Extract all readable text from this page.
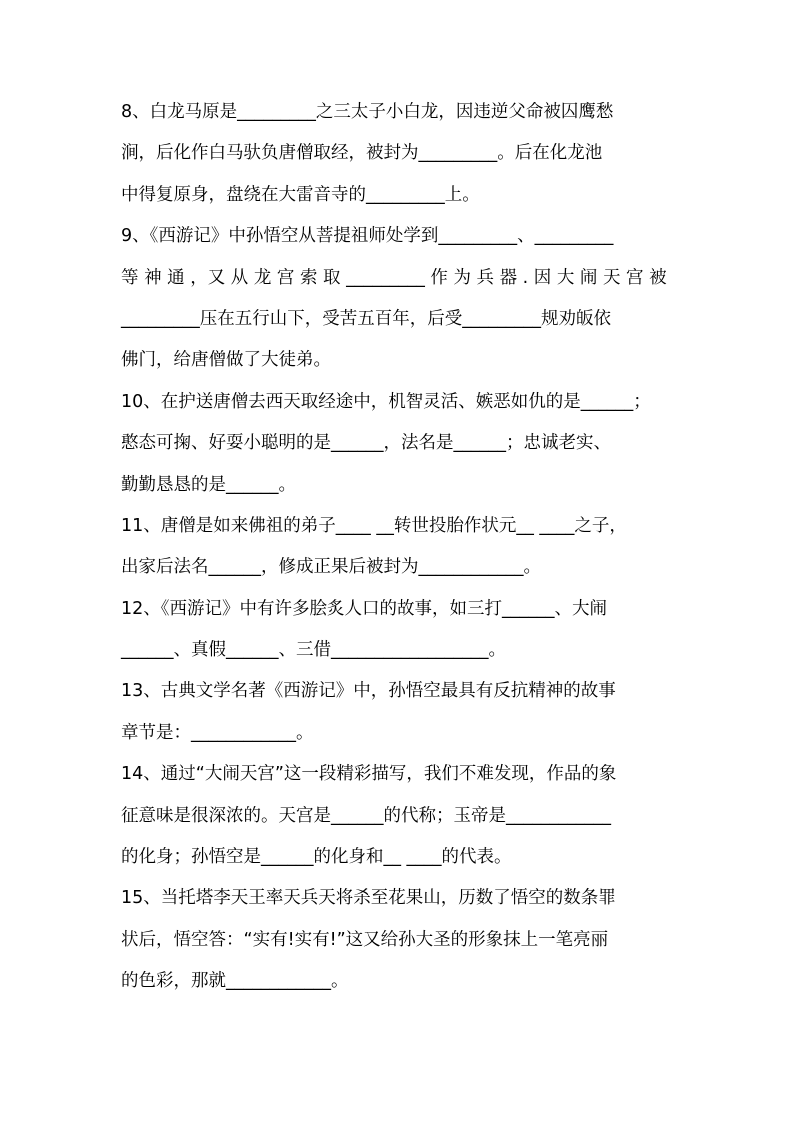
8、白龙马原是_________之三太子小白龙，因违逆父命被囚鹰愁
涧，后化作白马驮负唐僧取经，被封为_________。后在化龙池
中得复原身，盘绕在大雷音寺的_________上。
9、《西游记》中孙悟空从菩提祖师处学到_________、_________
等 神 通 ，又 从 龙 宫 索 取 _________ 作 为 兵 器 . 因 大 闹 天 宫 被
_________压在五行山下，受苦五百年，后受_________规劝皈依
佛门，给唐僧做了大徒弟。
10、在护送唐僧去西天取经途中，机智灵活、嫉恶如仇的是______；
憨态可掬、好耍小聪明的是______，法名是______；忠诚老实、
勤勤恳恳的是______。
11、唐僧是如来佛祖的弟子____ __转世投胎作状元__ ____之子，
出家后法名______，修成正果后被封为____________。
12、《西游记》中有许多脍炙人口的故事，如三打______、大闹
______、真假______、三借__________________。
13、古典文学名著《西游记》中，孙悟空最具有反抗精神的故事
章节是：____________。
14、通过“大闹天宫”这一段精彩描写，我们不难发现，作品的象
征意味是很深浓的。天宫是______的代称；玉帝是____________
的化身；孙悟空是______的化身和__ ____的代表。
15、当托塔李天王率天兵天将杀至花果山，历数了悟空的数条罪
状后，悟空答：“实有!实有!”这又给孙大圣的形象抹上一笔亮丽
的色彩，那就____________。
